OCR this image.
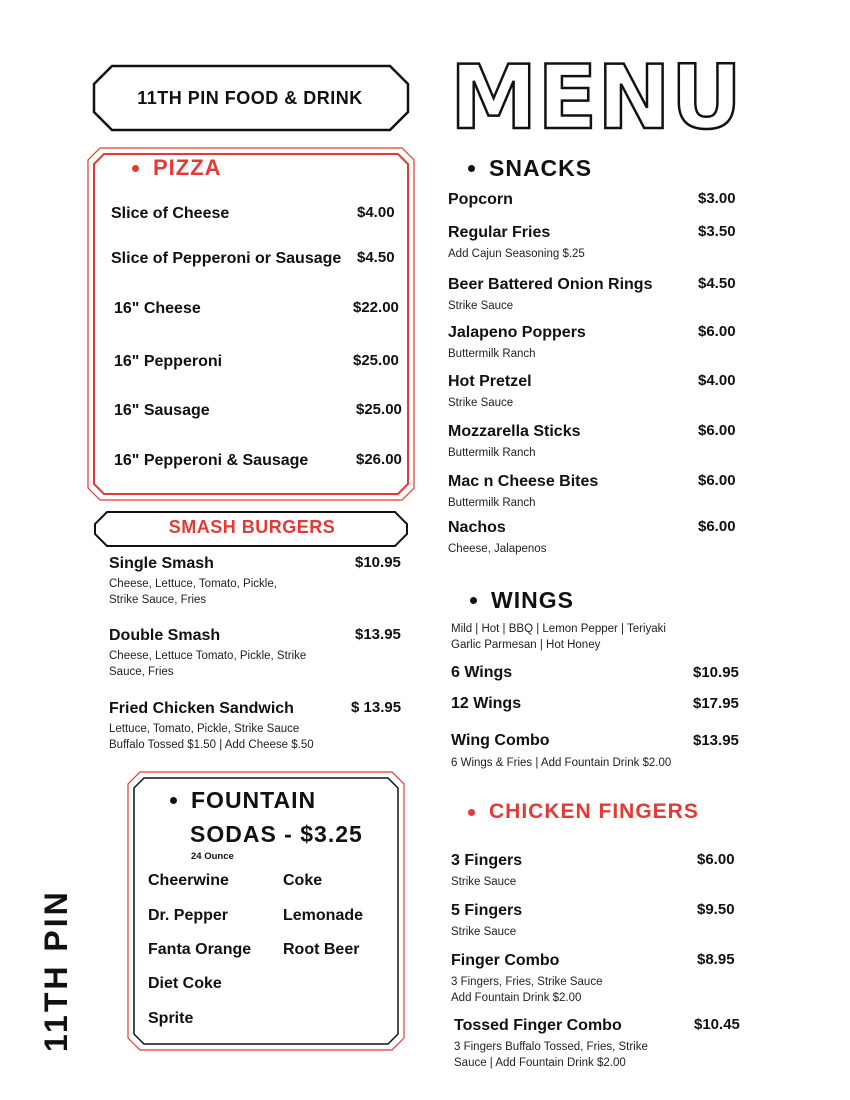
11TH PIN FOOD & DRINK MENU
PIZZA
Slice of Cheese	$4.00
Slice of Pepperoni or Sausage $4.50
16" Cheese	$22.00
16" Pepperoni	$25.00
16" Sausage	$25.00
16" Pepperoni & Sausage	$26.00
SMASH BURGERS
Single Smash	$10.95
Cheese, Lettuce, Tomato, Pickle,
Strike Sauce, Fries
Double Smash	$13.95
Cheese, Lettuce Tomato, Pickle, Strike
Sauce, Fries
Fried Chicken Sandwich	$ 13.95
Lettuce, Tomato, Pickle, Strike Sauce
Buffalo Tossed $1.50 | Add Cheese $.50
FOUNTAIN
SODAS - $3.25
24 Ounce
Cheerwine
Dr. Pepper
Fanta Orange
Diet Coke
Sprite
Coke
Lemonade
Root Beer
11TH PIN
SNACKS
Popcorn	$3.00
Regular Fries	$3.50
Add Cajun Seasoning $.25
Beer Battered Onion Rings	$4.50
Strike Sauce
Jalapeno Poppers	$6.00
Buttermilk Ranch
Hot Pretzel	$4.00
Strike Sauce
Mozzarella Sticks	$6.00
Buttermilk Ranch
Mac n Cheese Bites	$6.00
Buttermilk Ranch
Nachos	$6.00
Cheese, Jalapenos
WINGS
Mild | Hot | BBQ | Lemon Pepper | Teriyaki
Garlic Parmesan | Hot Honey
6 Wings	$10.95
12 Wings	$17.95
Wing Combo	$13.95
6 Wings & Fries | Add Fountain Drink $2.00
CHICKEN FINGERS
3 Fingers	$6.00
Strike Sauce
5 Fingers	$9.50
Strike Sauce
Finger Combo	$8.95
3 Fingers, Fries, Strike Sauce
Add Fountain Drink $2.00
Tossed Finger Combo	$10.45
3 Fingers Buffalo Tossed, Fries, Strike
Sauce | Add Fountain Drink $2.00
